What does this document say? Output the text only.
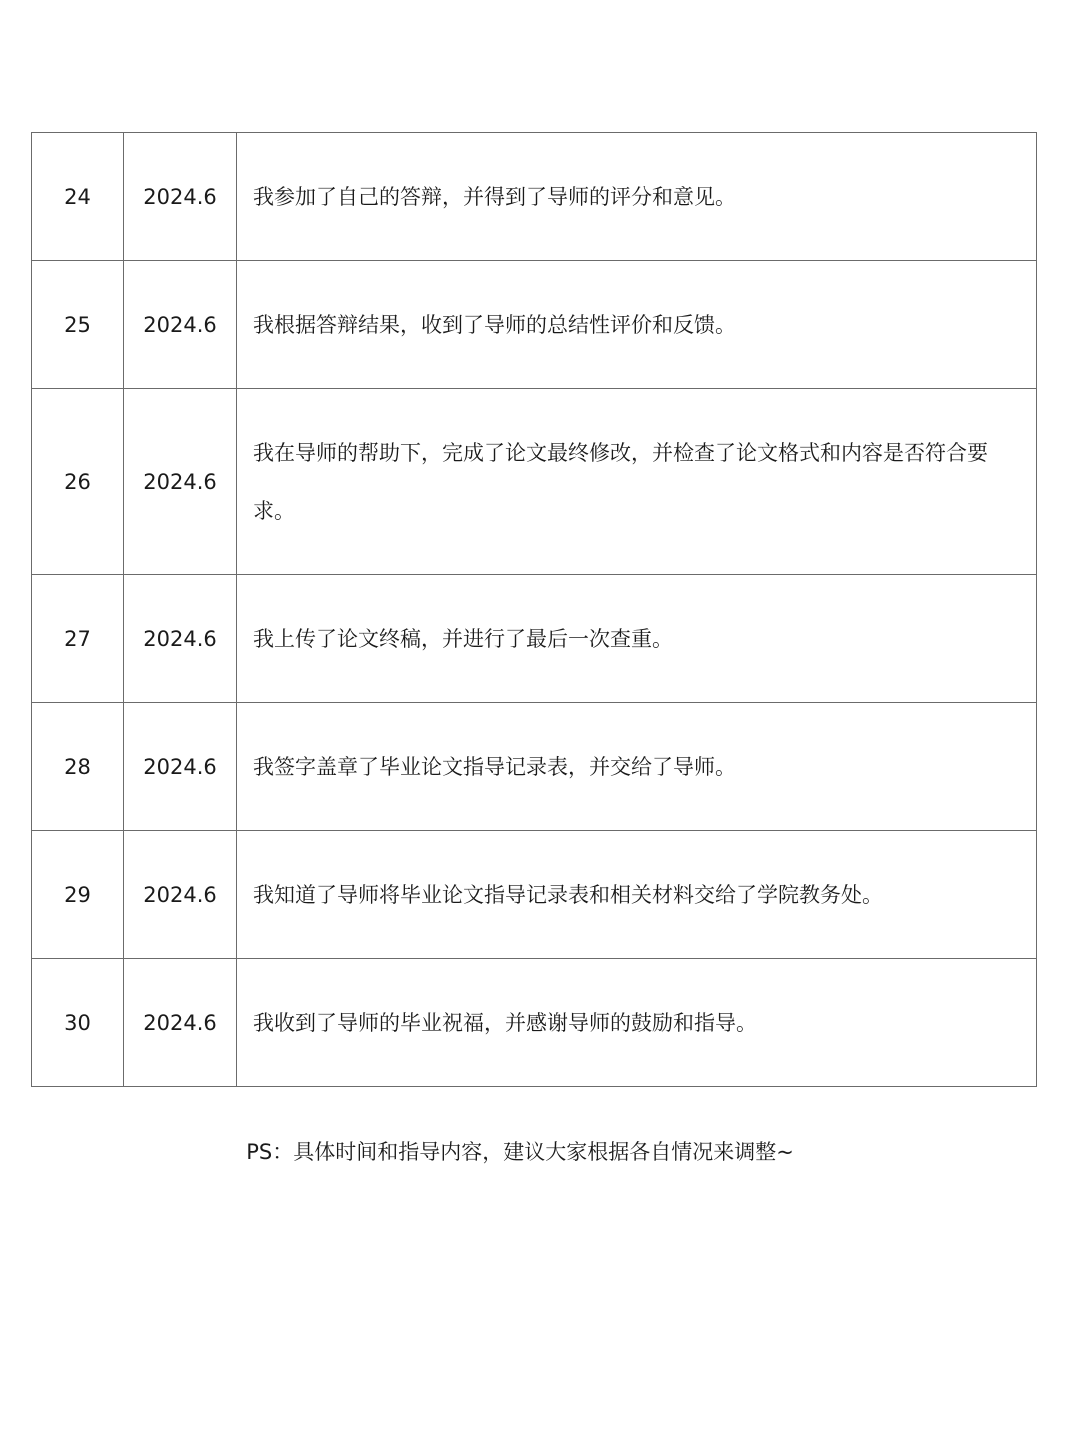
24	2024.6	我参加了自己的答辩，并得到了导师的评分和意见。
25	2024.6	我根据答辩结果，收到了导师的总结性评价和反馈。
26	2024.6	我在导师的帮助下，完成了论文最终修改，并检查了论文格式和内容是否符合要求。
27	2024.6	我上传了论文终稿，并进行了最后一次查重。
28	2024.6	我签字盖章了毕业论文指导记录表，并交给了导师。
29	2024.6	我知道了导师将毕业论文指导记录表和相关材料交给了学院教务处。
30	2024.6	我收到了导师的毕业祝福，并感谢导师的鼓励和指导。
PS：具体时间和指导内容，建议大家根据各自情况来调整~
